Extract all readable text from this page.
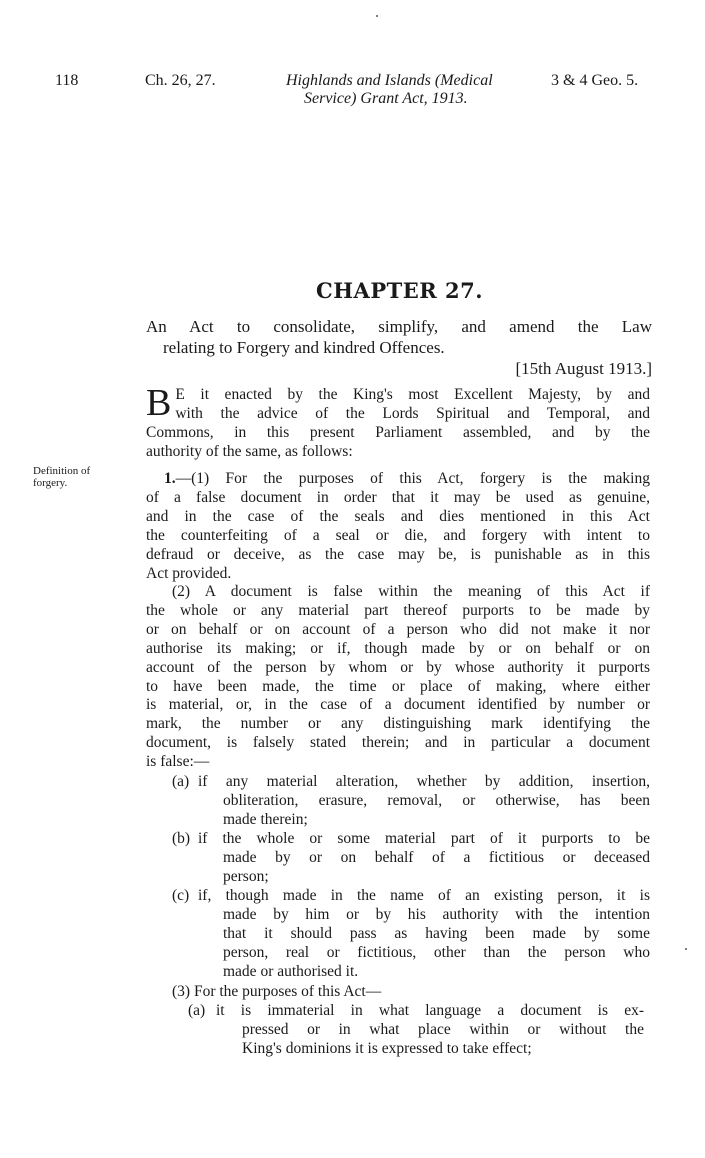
118	Ch. 26, 27.	Highlands and Islands (Medical
Service) Grant Act, 1913.
3 & 4 Geo. 5.
CHAPTER 27.
An Act to consolidate, simplify, and amend the Law
relating to Forgery and kindred Offences.
[15th August 1913.]
B E it enacted by the King's most Excellent Majesty, by and
with the advice of the Lords Spiritual and Temporal, and
Commons, in this present Parliament assembled, and by the
authority of the same, as follows:
Definition of
forgery.	1.—(1) For the purposes of this Act, forgery is the making
of a false document in order that it may be used as genuine,
and in the case of the seals and dies mentioned in this Act
the counterfeiting of a seal or die, and forgery with intent to
defraud or deceive, as the case may be, is punishable as in this
Act provided.
(2) A document is false within the meaning of this Act if
the whole or any material part thereof purports to be made by
or on behalf or on account of a person who did not make it nor
authorise its making; or if, though made by or on behalf or on
account of the person by whom or by whose authority it purports
to have been made, the time or place of making, where either
is material, or, in the case of a document identified by number or
mark, the number or any distinguishing mark identifying the
document, is falsely stated therein; and in particular a document
is false:—
(a) if any material alteration, whether by addition, insertion,
obliteration, erasure, removal, or otherwise, has been
made therein;
(b) if the whole or some material part of it purports to be
made by or on behalf of a fictitious or deceased
person;
(c) if, though made in the name of an existing person, it is
made by him or by his authority with the intention
that it should pass as having been made by some
person, real or fictitious, other than the person who
made or authorised it.
(3) For the purposes of this Act—
(a) it is immaterial in what language a document is ex-
pressed or in what place within or without the
King's dominions it is expressed to take effect;
